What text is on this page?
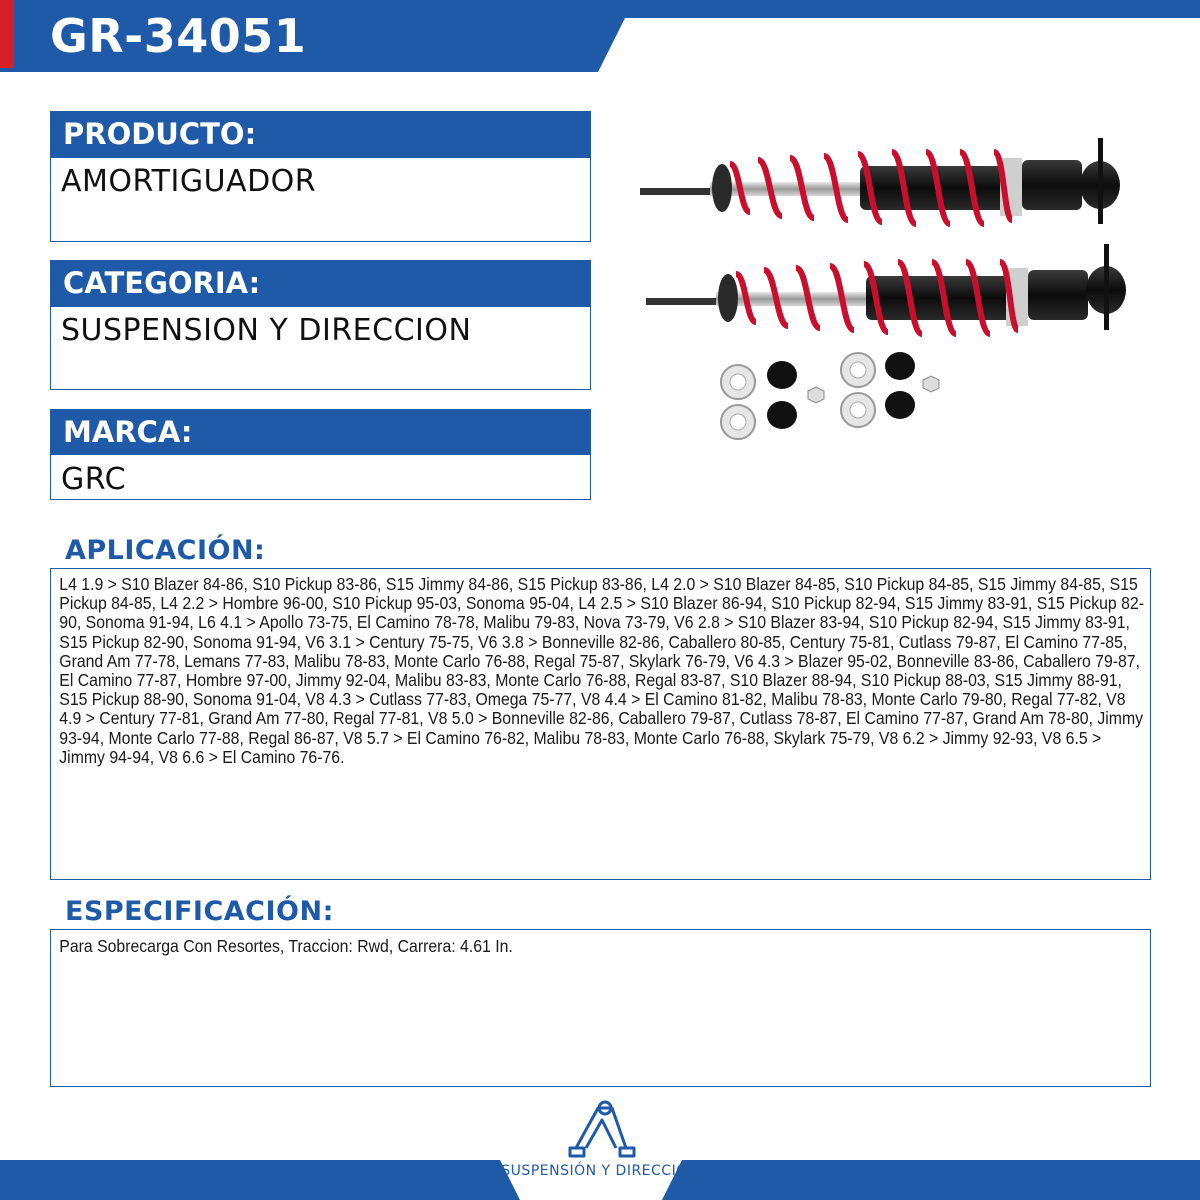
GR-34051
PRODUCTO:
AMORTIGUADOR
CATEGORIA:
SUSPENSION Y DIRECCION
MARCA:
GRC
APLICACIÓN:
L4 1.9 > S10 Blazer 84-86, S10 Pickup 83-86, S15 Jimmy 84-86, S15 Pickup 83-86, L4 2.0 > S10 Blazer 84-85, S10 Pickup 84-85, S15 Jimmy 84-85, S15 Pickup 84-85, L4 2.2 > Hombre 96-00, S10 Pickup 95-03, Sonoma 95-04, L4 2.5 > S10 Blazer 86-94, S10 Pickup 82-94, S15 Jimmy 83-91, S15 Pickup 82-90, Sonoma 91-94, L6 4.1 > Apollo 73-75, El Camino 78-78, Malibu 79-83, Nova 73-79, V6 2.8 > S10 Blazer 83-94, S10 Pickup 82-94, S15 Jimmy 83-91, S15 Pickup 82-90, Sonoma 91-94, V6 3.1 > Century 75-75, V6 3.8 > Bonneville 82-86, Caballero 80-85, Century 75-81, Cutlass 79-87, El Camino 77-85, Grand Am 77-78, Lemans 77-83, Malibu 78-83, Monte Carlo 76-88, Regal 75-87, Skylark 76-79, V6 4.3 > Blazer 95-02, Bonneville 83-86, Caballero 79-87, El Camino 77-87, Hombre 97-00, Jimmy 92-04, Malibu 83-83, Monte Carlo 76-88, Regal 83-87, S10 Blazer 88-94, S10 Pickup 88-03, S15 Jimmy 88-91, S15 Pickup 88-90, Sonoma 91-04, V8 4.3 > Cutlass 77-83, Omega 75-77, V8 4.4 > El Camino 81-82, Malibu 78-83, Monte Carlo 79-80, Regal 77-82, V8 4.9 > Century 77-81, Grand Am 77-80, Regal 77-81, V8 5.0 > Bonneville 82-86, Caballero 79-87, Cutlass 78-87, El Camino 77-87, Grand Am 78-80, Jimmy 93-94, Monte Carlo 77-88, Regal 86-87, V8 5.7 > El Camino 76-82, Malibu 78-83, Monte Carlo 76-88, Skylark 75-79, V8 6.2 > Jimmy 92-93, V8 6.5 > Jimmy 94-94, V8 6.6 > El Camino 76-76.
ESPECIFICACIÓN:
Para Sobrecarga Con Resortes, Traccion: Rwd, Carrera: 4.61 In.
SUSPENSIÓN Y DIRECCIÓN
